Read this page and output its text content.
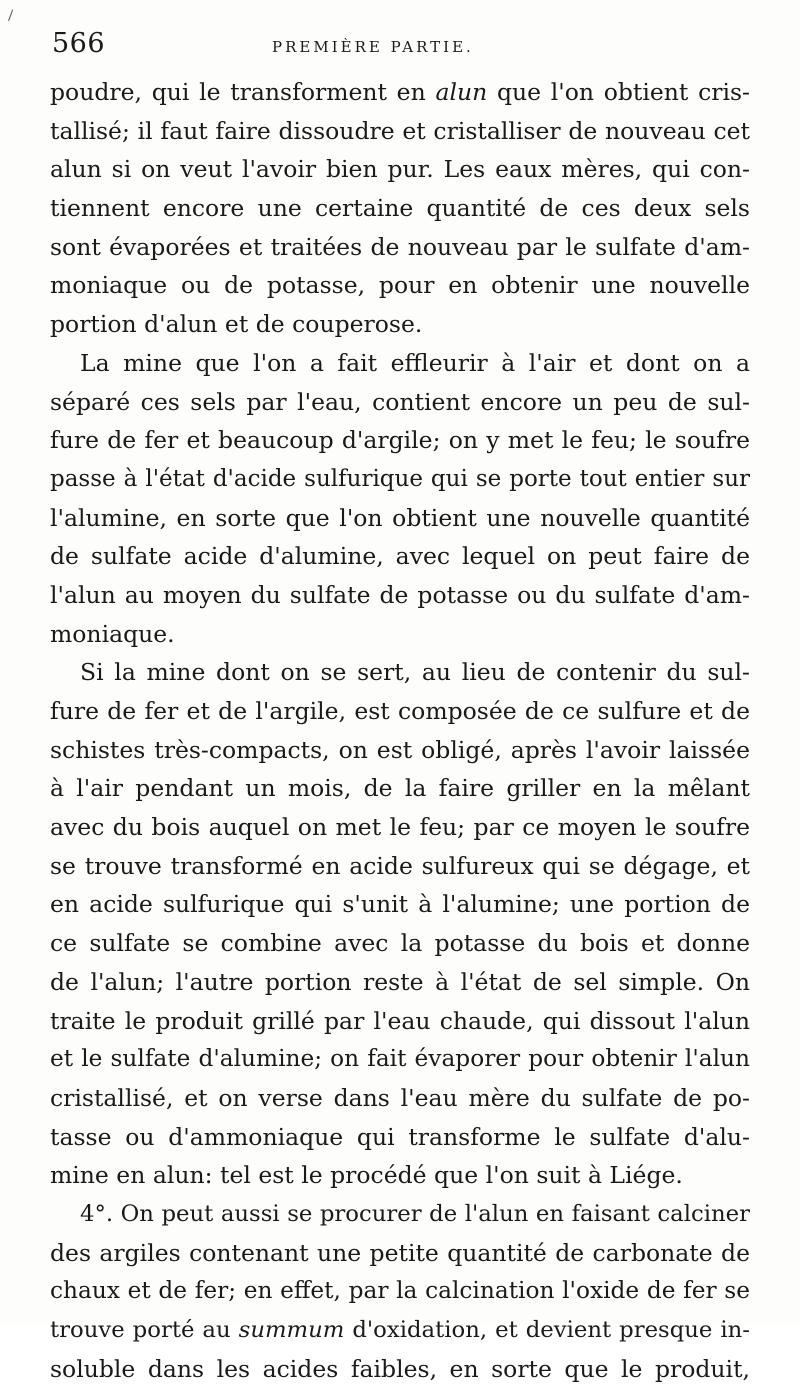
566	PREMIÈRE PARTIE.
poudre, qui le transforment en alun que l'on obtient cris-
tallisé; il faut faire dissoudre et cristalliser de nouveau cet
alun si on veut l'avoir bien pur. Les eaux mères, qui con-
tiennent encore une certaine quantité de ces deux sels
sont évaporées et traitées de nouveau par le sulfate d'am-
moniaque ou de potasse, pour en obtenir une nouvelle
portion d'alun et de couperose.
La mine que l'on a fait effleurir à l'air et dont on a
séparé ces sels par l'eau, contient encore un peu de sul-
fure de fer et beaucoup d'argile; on y met le feu; le soufre
passe à l'état d'acide sulfurique qui se porte tout entier sur
l'alumine, en sorte que l'on obtient une nouvelle quantité
de sulfate acide d'alumine, avec lequel on peut faire de
l'alun au moyen du sulfate de potasse ou du sulfate d'am-
moniaque.
Si la mine dont on se sert, au lieu de contenir du sul-
fure de fer et de l'argile, est composée de ce sulfure et de
schistes très-compacts, on est obligé, après l'avoir laissée
à l'air pendant un mois, de la faire griller en la mêlant
avec du bois auquel on met le feu; par ce moyen le soufre
se trouve transformé en acide sulfureux qui se dégage, et
en acide sulfurique qui s'unit à l'alumine; une portion de
ce sulfate se combine avec la potasse du bois et donne
de l'alun; l'autre portion reste à l'état de sel simple. On
traite le produit grillé par l'eau chaude, qui dissout l'alun
et le sulfate d'alumine; on fait évaporer pour obtenir l'alun
cristallisé, et on verse dans l'eau mère du sulfate de po-
tasse ou d'ammoniaque qui transforme le sulfate d'alu-
mine en alun: tel est le procédé que l'on suit à Liége.
4°. On peut aussi se procurer de l'alun en faisant calciner
des argiles contenant une petite quantité de carbonate de
chaux et de fer; en effet, par la calcination l'oxide de fer se
trouve porté au summum d'oxidation, et devient presque in-
soluble dans les acides faibles, en sorte que le produit,
